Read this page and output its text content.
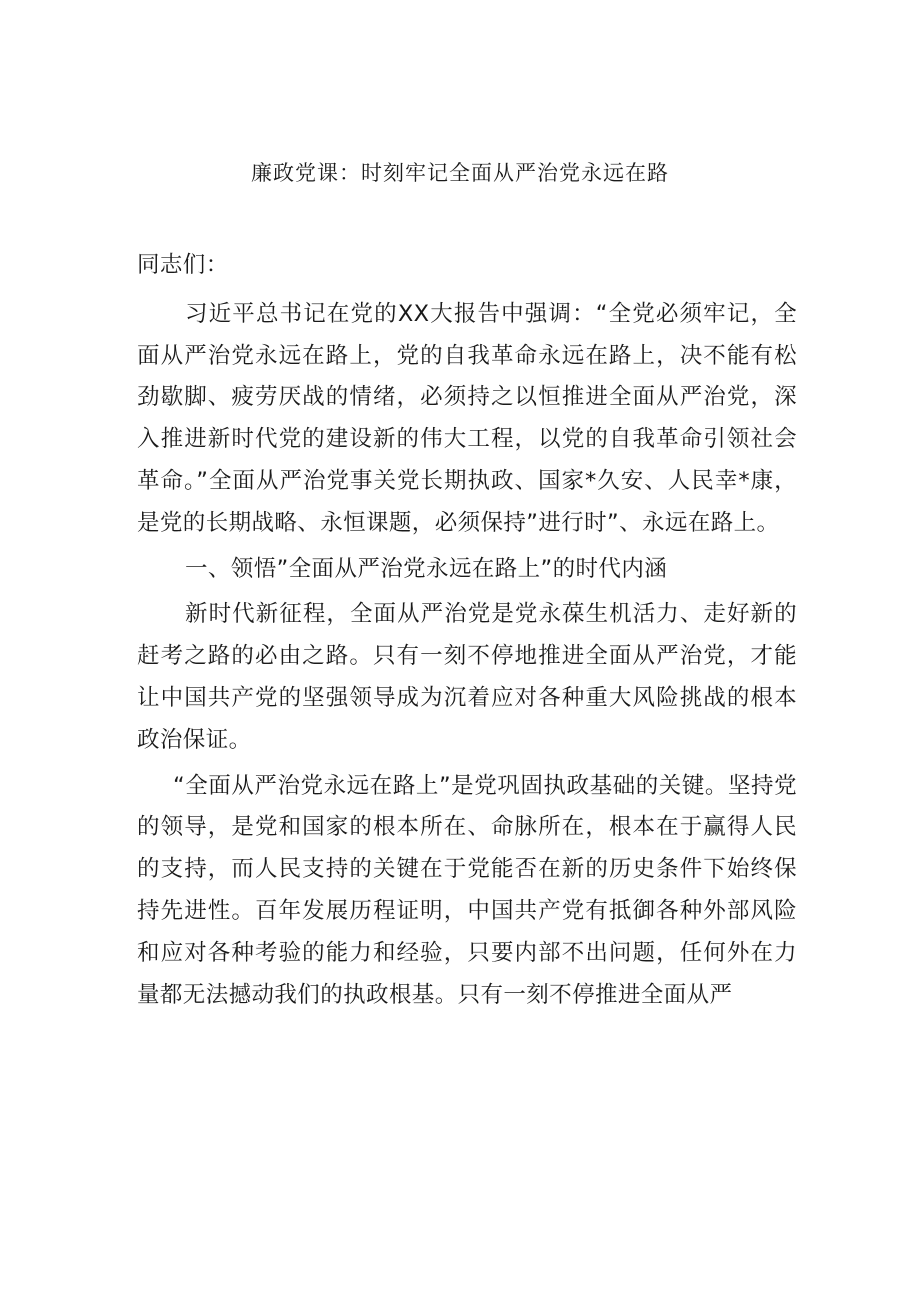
廉政党课：时刻牢记全面从严治党永远在路

同志们：

习近平总书记在党的XX大报告中强调：“全党必须牢记，全面从严治党永远在路上，党的自我革命永远在路上，决不能有松劲歇脚、疲劳厌战的情绪，必须持之以恒推进全面从严治党，深入推进新时代党的建设新的伟大工程，以党的自我革命引领社会革命。”全面从严治党事关党长期执政、国家*久安、人民幸*康，是党的长期战略、永恒课题，必须保持”进行时”、永远在路上。

一、领悟”全面从严治党永远在路上”的时代内涵

新时代新征程，全面从严治党是党永葆生机活力、走好新的赶考之路的必由之路。只有一刻不停地推进全面从严治党，才能让中国共产党的坚强领导成为沉着应对各种重大风险挑战的根本政治保证。

“全面从严治党永远在路上”是党巩固执政基础的关键。坚持党的领导，是党和国家的根本所在、命脉所在，根本在于赢得人民的支持，而人民支持的关键在于党能否在新的历史条件下始终保持先进性。百年发展历程证明，中国共产党有抵御各种外部风险和应对各种考验的能力和经验，只要内部不出问题，任何外在力量都无法撼动我们的执政根基。只有一刻不停推进全面从严
